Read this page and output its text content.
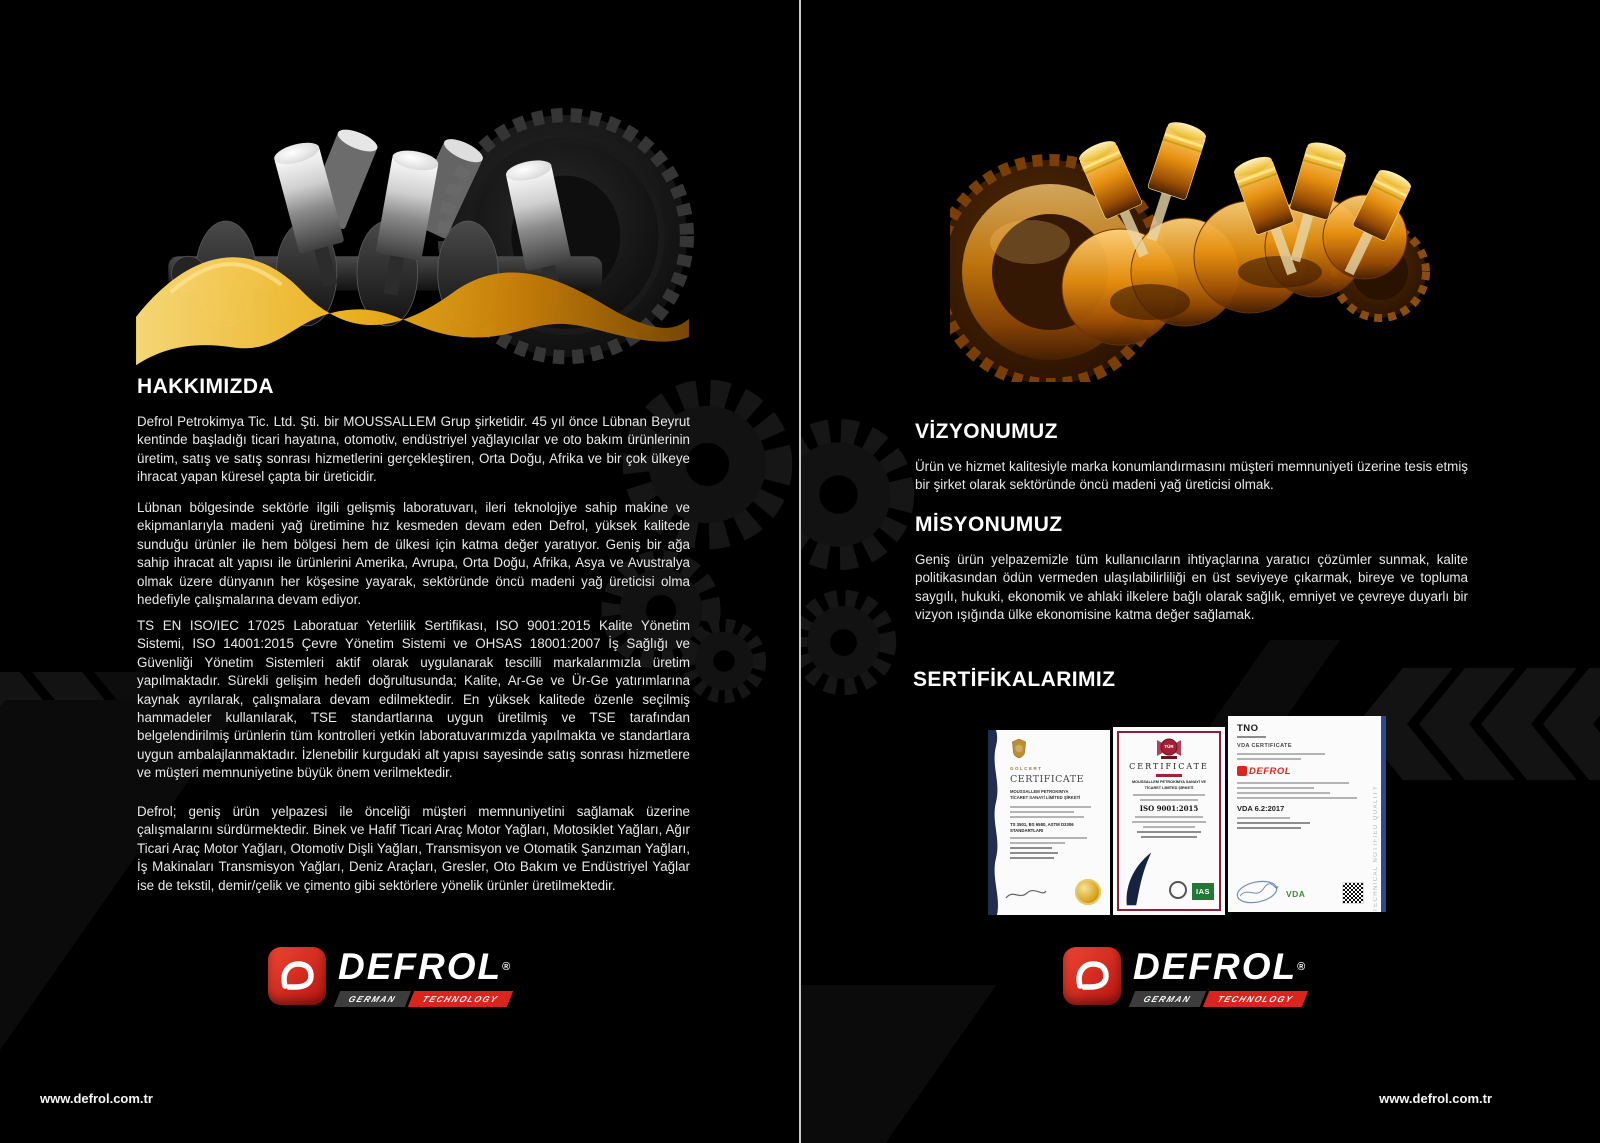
HAKKIMIZDA

Defrol Petrokimya Tic. Ltd. Şti. bir MOUSSALLEM Grup şirketidir. 45 yıl önce Lübnan Beyrut kentinde başladığı ticari hayatına, otomotiv, endüstriyel yağlayıcılar ve oto bakım ürünlerinin üretim, satış ve satış sonrası hizmetlerini gerçekleştiren, Orta Doğu, Afrika ve bir çok ülkeye ihracat yapan küresel çapta bir üreticidir.

Lübnan bölgesinde sektörle ilgili gelişmiş laboratuvarı, ileri teknolojiye sahip makine ve ekipmanlarıyla madeni yağ üretimine hız kesmeden devam eden Defrol, yüksek kalitede sunduğu ürünler ile hem bölgesi hem de ülkesi için katma değer yaratıyor. Geniş bir ağa sahip ihracat alt yapısı ile ürünlerini Amerika, Avrupa, Orta Doğu, Afrika, Asya ve Avustralya olmak üzere dünyanın her köşesine yayarak, sektöründe öncü madeni yağ üreticisi olma hedefiyle çalışmalarına devam ediyor.

TS EN ISO/IEC 17025 Laboratuar Yeterlilik Sertifikası, ISO 9001:2015 Kalite Yönetim Sistemi, ISO 14001:2015 Çevre Yönetim Sistemi ve OHSAS 18001:2007 İş Sağlığı ve Güvenliği Yönetim Sistemleri aktif olarak uygulanarak tescilli markalarımızla üretim yapılmaktadır. Sürekli gelişim hedefi doğrultusunda; Kalite, Ar-Ge ve Ür-Ge yatırımlarına kaynak ayrılarak, çalışmalara devam edilmektedir. En yüksek kalitede özenle seçilmiş hammadeler kullanılarak, TSE standartlarına uygun üretilmiş ve TSE tarafından belgelendirilmiş ürünlerin tüm kontrolleri yetkin laboratuvarımızda yapılmakta ve standartlara uygun ambalajlanmaktadır. İzlenebilir kurgudaki alt yapısı sayesinde satış sonrası hizmetlere ve müşteri memnuniyetine büyük önem verilmektedir.

Defrol; geniş ürün yelpazesi ile önceliği müşteri memnuniyetini sağlamak üzerine çalışmalarını sürdürmektedir. Binek ve Hafif Ticari Araç Motor Yağları, Motosiklet Yağları, Ağır Ticari Araç Motor Yağları, Otomotiv Dişli Yağları, Transmisyon ve Otomatik Şanzıman Yağları, İş Makinaları Transmisyon Yağları, Deniz Araçları, Gresler, Oto Bakım ve Endüstriyel Yağlar ise de tekstil, demir/çelik ve çimento gibi sektörlere yönelik ürünler üretilmektedir.

DEFROL®
GERMAN	TECHNOLOGY
www.defrol.com.tr
VİZYONUMUZ

Ürün ve hizmet kalitesiyle marka konumlandırmasını müşteri memnuniyeti üzerine tesis etmiş bir şirket olarak sektöründe öncü madeni yağ üreticisi olmak.

MİSYONUMUZ

Geniş ürün yelpazemizle tüm kullanıcıların ihtiyaçlarına yaratıcı çözümler sunmak, kalite politikasından ödün vermeden ulaşılabilirliliği en üst seviyeye çıkarmak, bireye ve topluma saygılı, hukuki, ekonomik ve ahlaki ilkelere bağlı olarak sağlık, emniyet ve çevreye duyarlı bir vizyon ışığında ülke ekonomisine katma değer sağlamak.

SERTİFİKALARIMIZ
GOLCERT
CERTIFICATE
MOUSSALLEM PETROKIMYA TİCARET SANAYİ LİMİTED ŞİRKETİ
TS 3501, BS 6580, ASTM D3306 STANDARTLARI
TÜR
CERTIFICATE
MOUSSALLEM PETROKİMYA SANAYİ VE TİCARET LİMİTED ŞİRKETİ
ISO 9001:2015
IAS
TNO
VDA CERTIFICATE
DEFROL
VDA 6.2:2017
VDA	TECHNICAL NOTIFIED QUALITY
DEFROL®
GERMAN	TECHNOLOGY
www.defrol.com.tr
